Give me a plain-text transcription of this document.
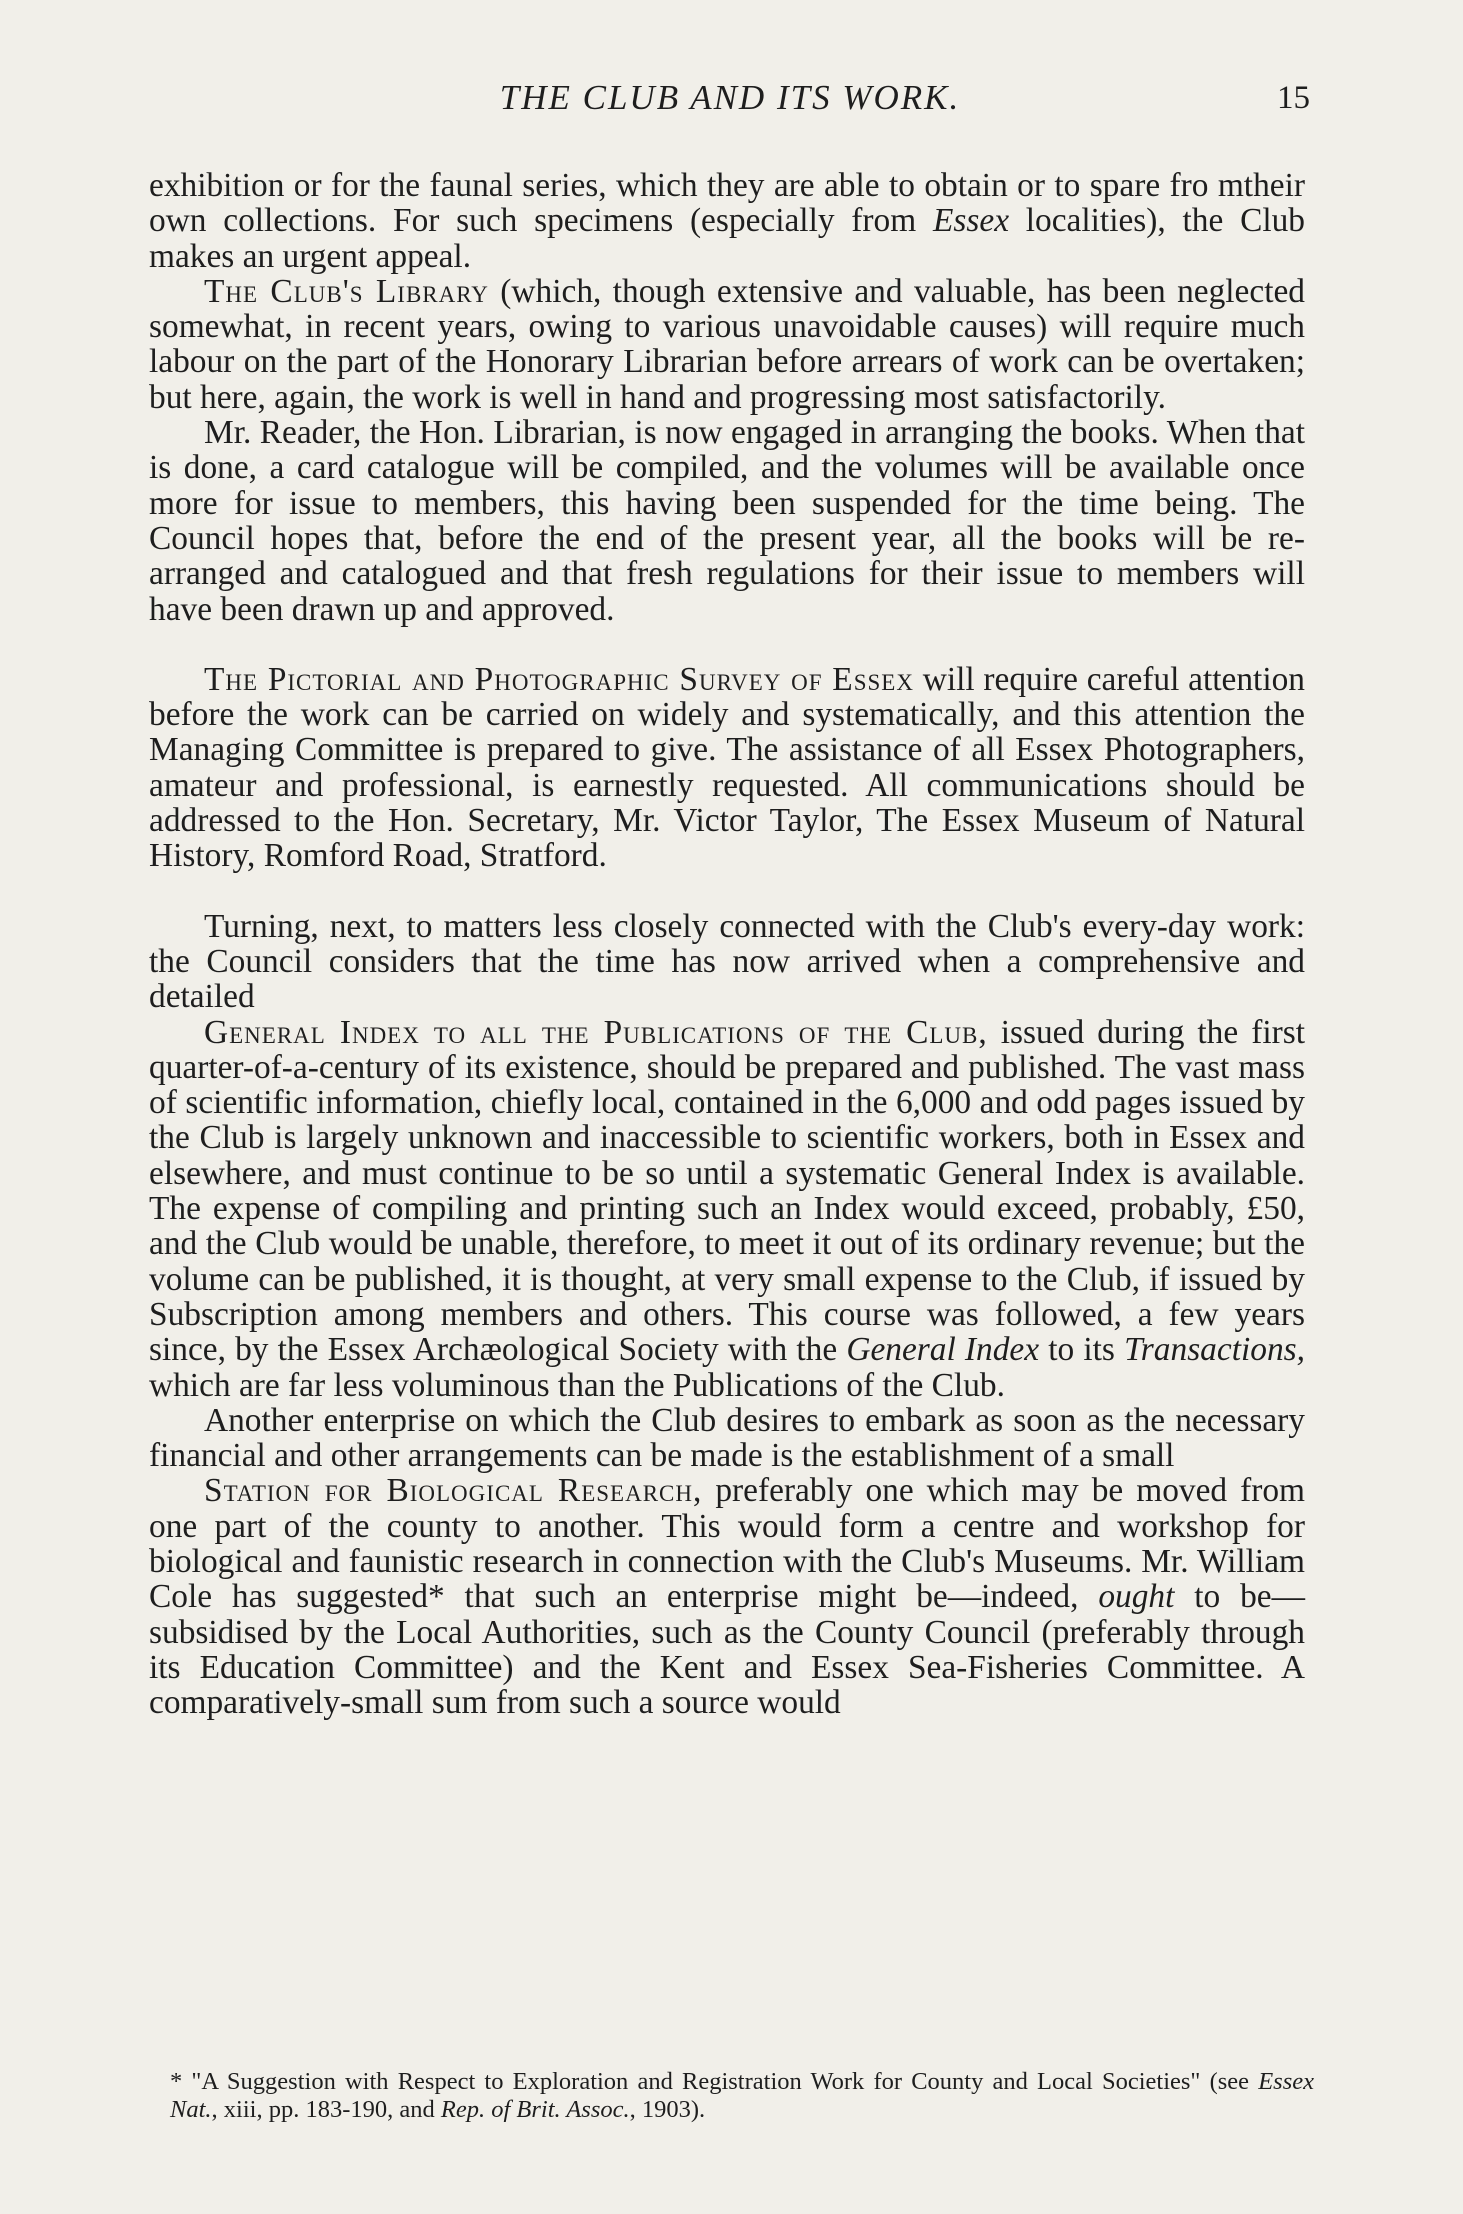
THE CLUB AND ITS WORK.	15

exhibition or for the faunal series, which they are able to obtain or to spare fro mtheir own collections. For such specimens (especially from Essex localities), the Club makes an urgent appeal.

The Club's Library (which, though extensive and valuable, has been neglected somewhat, in recent years, owing to various unavoidable causes) will require much labour on the part of the Honorary Librarian before arrears of work can be overtaken; but here, again, the work is well in hand and progressing most satisfactorily.

Mr. Reader, the Hon. Librarian, is now engaged in arranging the books. When that is done, a card catalogue will be compiled, and the volumes will be available once more for issue to members, this having been suspended for the time being. The Council hopes that, before the end of the present year, all the books will be re-arranged and catalogued and that fresh regulations for their issue to members will have been drawn up and approved.

The Pictorial and Photographic Survey of Essex will require careful attention before the work can be carried on widely and systematically, and this attention the Managing Committee is prepared to give. The assistance of all Essex Photographers, amateur and professional, is earnestly requested. All communications should be addressed to the Hon. Secretary, Mr. Victor Taylor, The Essex Museum of Natural History, Romford Road, Stratford.

Turning, next, to matters less closely connected with the Club's every-day work: the Council considers that the time has now arrived when a comprehensive and detailed

General Index to all the Publications of the Club, issued during the first quarter-of-a-century of its existence, should be prepared and published. The vast mass of scientific information, chiefly local, contained in the 6,000 and odd pages issued by the Club is largely unknown and inaccessible to scientific workers, both in Essex and elsewhere, and must continue to be so until a systematic General Index is available. The expense of compiling and printing such an Index would exceed, probably, £50, and the Club would be unable, therefore, to meet it out of its ordinary revenue; but the volume can be published, it is thought, at very small expense to the Club, if issued by Subscription among members and others. This course was followed, a few years since, by the Essex Archæological Society with the General Index to its Transactions, which are far less voluminous than the Publications of the Club.

Another enterprise on which the Club desires to embark as soon as the necessary financial and other arrangements can be made is the establishment of a small

Station for Biological Research, preferably one which may be moved from one part of the county to another. This would form a centre and workshop for biological and faunistic research in connection with the Club's Museums. Mr. William Cole has suggested* that such an enterprise might be—indeed, ought to be—subsidised by the Local Authorities, such as the County Council (preferably through its Education Committee) and the Kent and Essex Sea-Fisheries Committee. A comparatively-small sum from such a source would

* "A Suggestion with Respect to Exploration and Registration Work for County and Local Societies" (see Essex Nat., xiii, pp. 183-190, and Rep. of Brit. Assoc., 1903).
